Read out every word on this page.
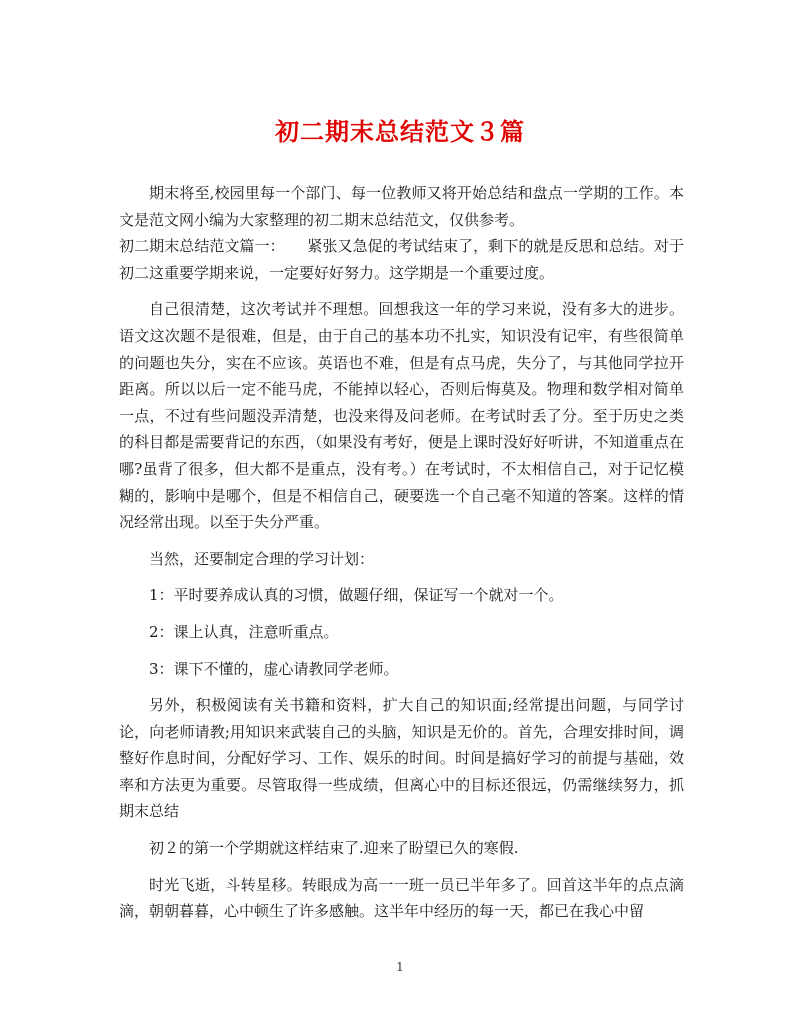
初二期末总结范文３篇

期末将至,校园里每一个部门、每一位教师又将开始总结和盘点一学期的工作。本文是范文网小编为大家整理的初二期末总结范文，仅供参考。

初二期末总结范文篇一：　　紧张又急促的考试结束了，剩下的就是反思和总结。对于初二这重要学期来说，一定要好好努力。这学期是一个重要过度。

自己很清楚，这次考试并不理想。回想我这一年的学习来说，没有多大的进步。语文这次题不是很难，但是，由于自己的基本功不扎实，知识没有记牢，有些很简单的问题也失分，实在不应该。英语也不难，但是有点马虎，失分了，与其他同学拉开距离。所以以后一定不能马虎，不能掉以轻心，否则后悔莫及。物理和数学相对简单一点，不过有些问题没弄清楚，也没来得及问老师。在考试时丢了分。至于历史之类的科目都是需要背记的东西，（如果没有考好，便是上课时没好好听讲，不知道重点在哪?虽背了很多，但大都不是重点，没有考。）在考试时，不太相信自己，对于记忆模糊的，影响中是哪个，但是不相信自己，硬要选一个自己毫不知道的答案。这样的情况经常出现。以至于失分严重。

当然，还要制定合理的学习计划：

1：平时要养成认真的习惯，做题仔细，保证写一个就对一个。

2：课上认真，注意听重点。

3：课下不懂的，虚心请教同学老师。

另外，积极阅读有关书籍和资料，扩大自己的知识面;经常提出问题，与同学讨论，向老师请教;用知识来武装自己的头脑，知识是无价的。首先，合理安排时间，调整好作息时间，分配好学习、工作、娱乐的时间。时间是搞好学习的前提与基础，效率和方法更为重要。尽管取得一些成绩，但离心中的目标还很远，仍需继续努力，抓期末总结

初２的第一个学期就这样结束了.迎来了盼望已久的寒假.

时光飞逝，斗转星移。转眼成为高一一班一员已半年多了。回首这半年的点点滴滴，朝朝暮暮，心中顿生了许多感触。这半年中经历的每一天，都已在我心中留

1
